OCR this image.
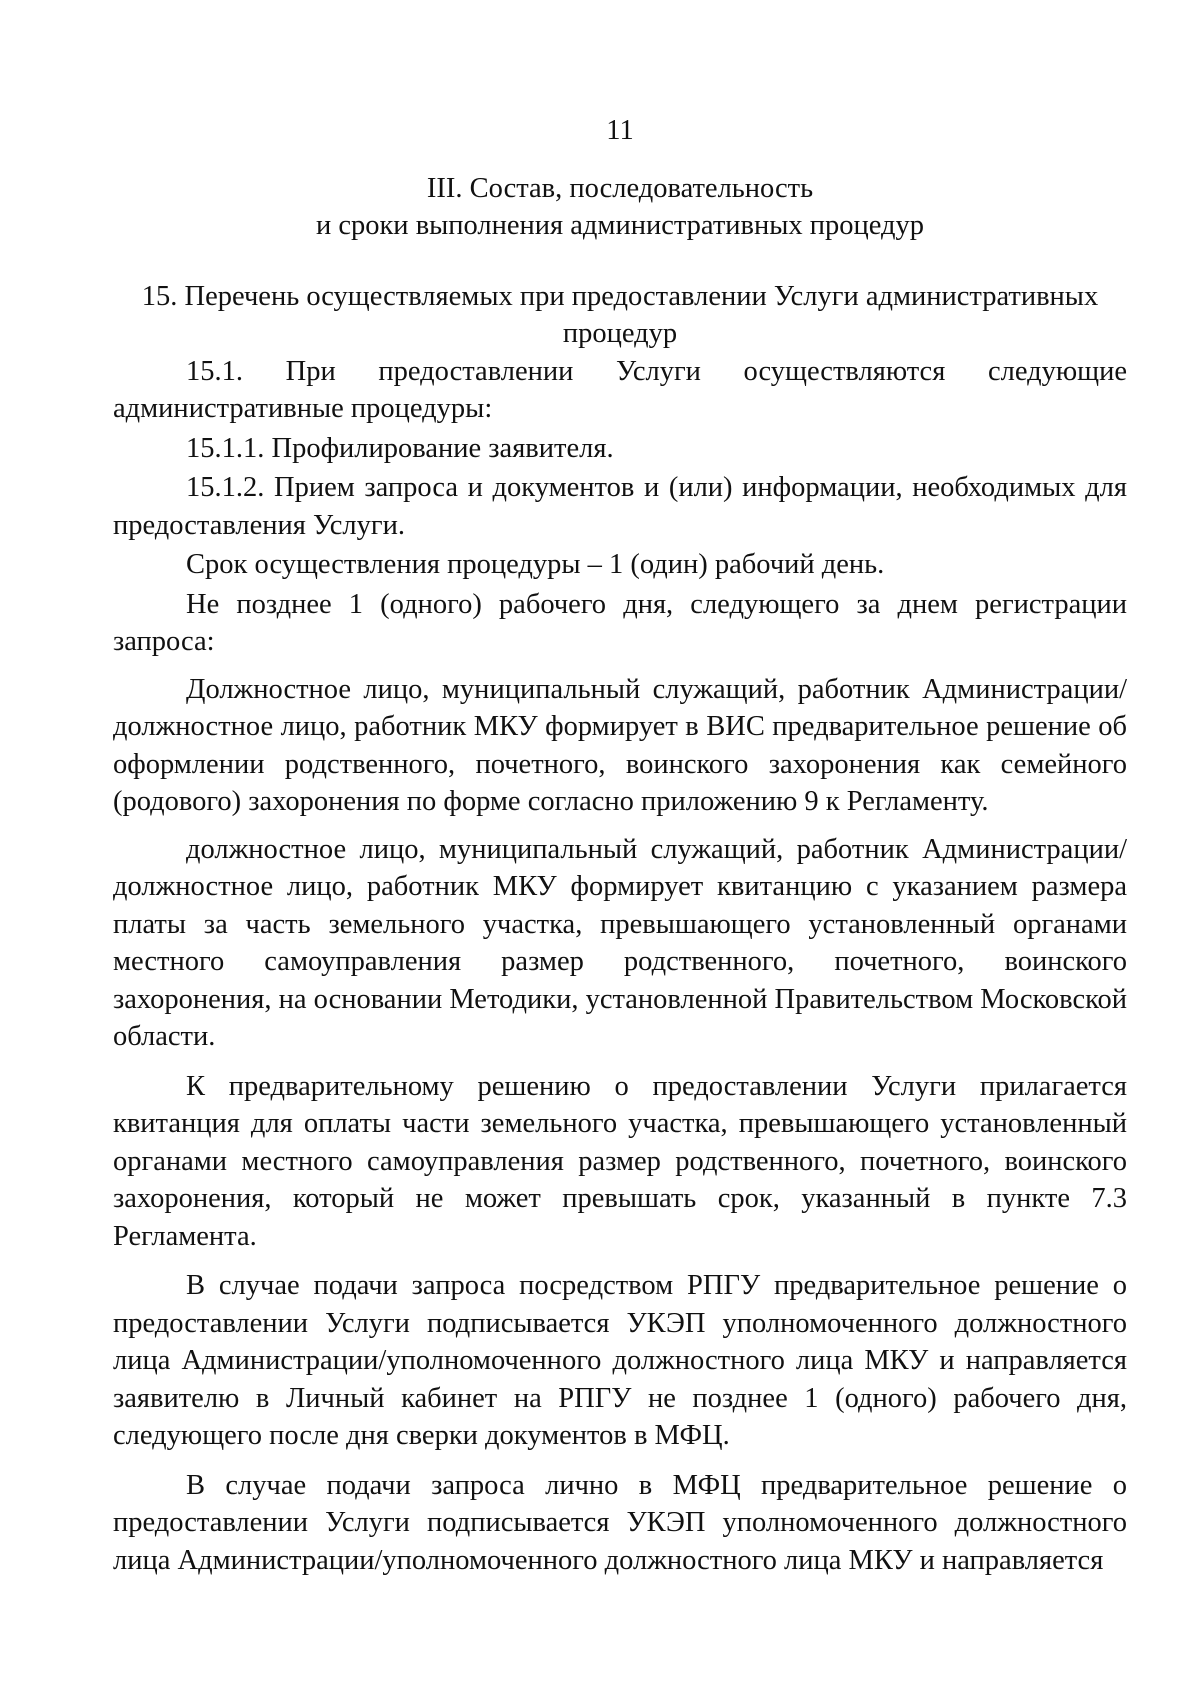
11

III. Состав, последовательность

и сроки выполнения административных процедур

15. Перечень осуществляемых при предоставлении Услуги административных процедур

15.1. При предоставлении Услуги осуществляются следующие административные процедуры:

15.1.1. Профилирование заявителя.

15.1.2. Прием запроса и документов и (или) информации, необходимых для предоставления Услуги.

Срок осуществления процедуры – 1 (один) рабочий день.

Не позднее 1 (одного) рабочего дня, следующего за днем регистрации запроса:

Должностное лицо, муниципальный служащий, работник Администрации/должностное лицо, работник МКУ формирует в ВИС предварительное решение об оформлении родственного, почетного, воинского захоронения как семейного (родового) захоронения по форме согласно приложению 9 к Регламенту.

должностное лицо, муниципальный служащий, работник Администрации/должностное лицо, работник МКУ формирует квитанцию с указанием размера платы за часть земельного участка, превышающего установленный органами местного самоуправления размер родственного, почетного, воинского захоронения, на основании Методики, установленной Правительством Московской области.

К предварительному решению о предоставлении Услуги прилагается квитанция для оплаты части земельного участка, превышающего установленный органами местного самоуправления размер родственного, почетного, воинского захоронения, который не может превышать срок, указанный в пункте 7.3 Регламента.

В случае подачи запроса посредством РПГУ предварительное решение о предоставлении Услуги подписывается УКЭП уполномоченного должностного лица Администрации/уполномоченного должностного лица МКУ и направляется заявителю в Личный кабинет на РПГУ не позднее 1 (одного) рабочего дня, следующего после дня сверки документов в МФЦ.

В случае подачи запроса лично в МФЦ предварительное решение о предоставлении Услуги подписывается УКЭП уполномоченного должностного лица Администрации/уполномоченного должностного лица МКУ и направляется
